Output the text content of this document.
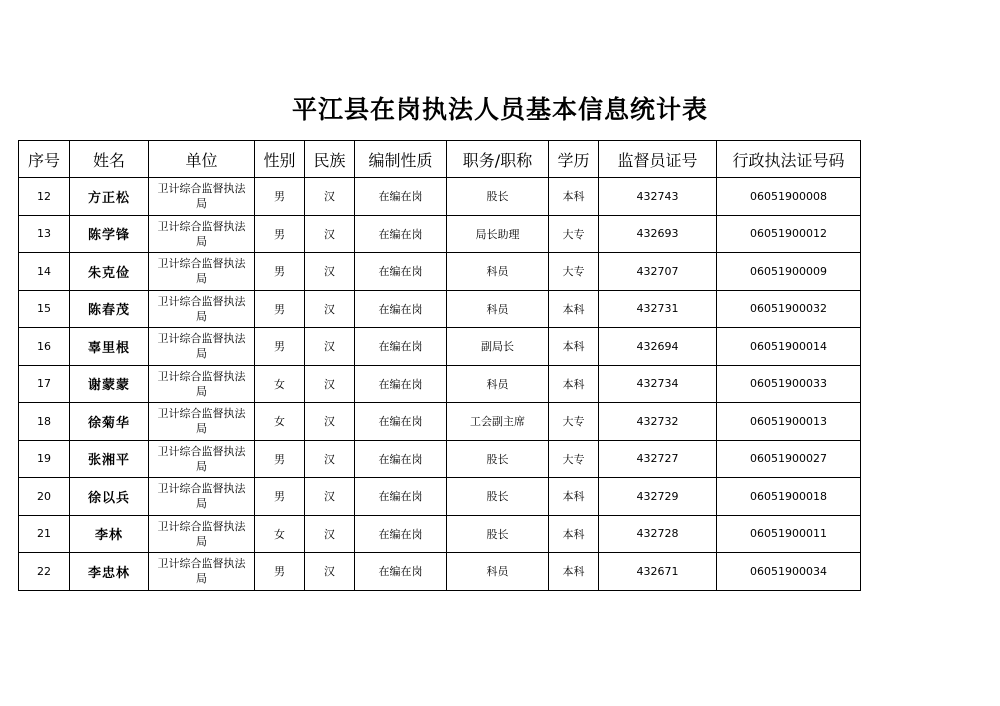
平江县在岗执法人员基本信息统计表
序号	姓名	单位	性别	民族	编制性质	职务/职称	学历	监督员证号	行政执法证号码
12	方正松	卫计综合监督执法局	男	汉	在编在岗	股长	本科	432743	06051900008
13	陈学锋	卫计综合监督执法局	男	汉	在编在岗	局长助理	大专	432693	06051900012
14	朱克俭	卫计综合监督执法局	男	汉	在编在岗	科员	大专	432707	06051900009
15	陈春茂	卫计综合监督执法局	男	汉	在编在岗	科员	本科	432731	06051900032
16	辜里根	卫计综合监督执法局	男	汉	在编在岗	副局长	本科	432694	06051900014
17	谢蒙蒙	卫计综合监督执法局	女	汉	在编在岗	科员	本科	432734	06051900033
18	徐菊华	卫计综合监督执法局	女	汉	在编在岗	工会副主席	大专	432732	06051900013
19	张湘平	卫计综合监督执法局	男	汉	在编在岗	股长	大专	432727	06051900027
20	徐以兵	卫计综合监督执法局	男	汉	在编在岗	股长	本科	432729	06051900018
21	李林	卫计综合监督执法局	女	汉	在编在岗	股长	本科	432728	06051900011
22	李忠林	卫计综合监督执法局	男	汉	在编在岗	科员	本科	432671	06051900034
